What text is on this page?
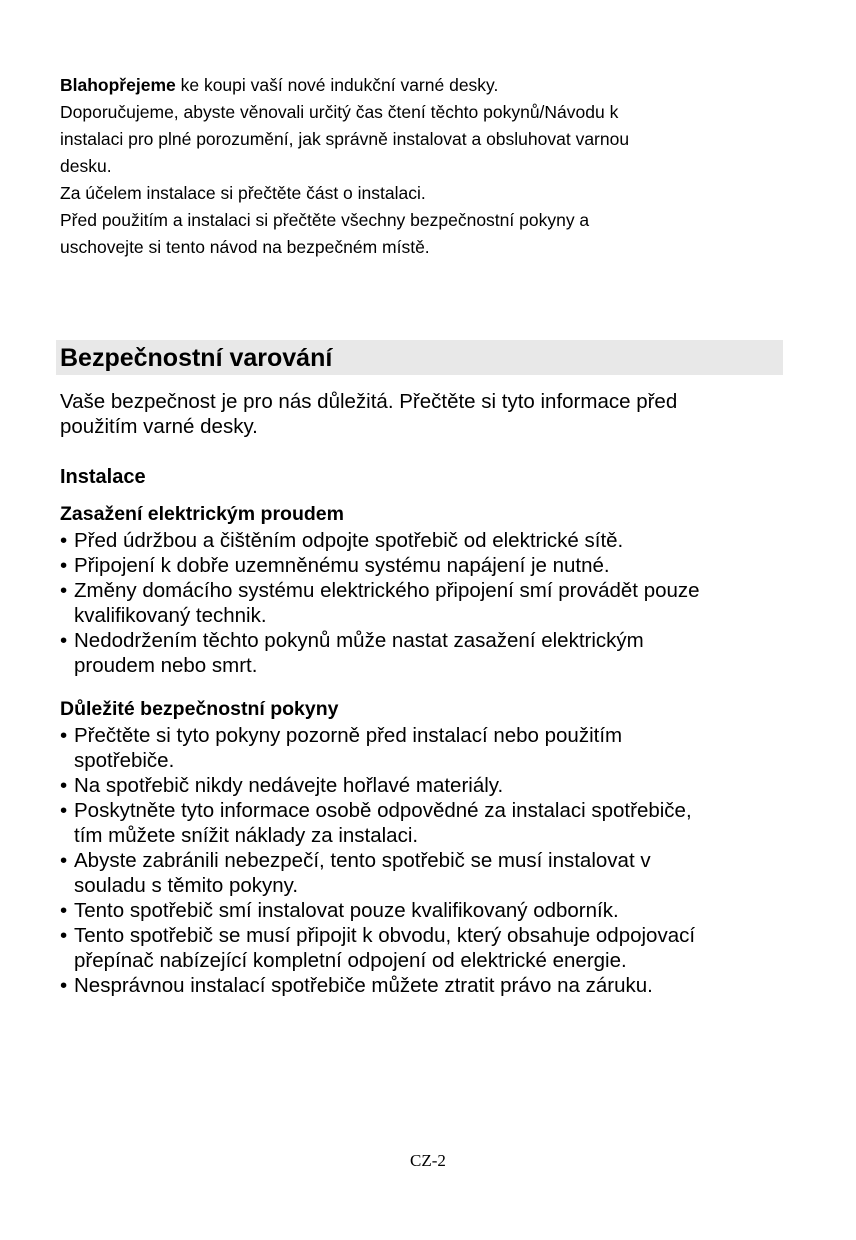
Blahopřejeme ke koupi vaší nové indukční varné desky.

Doporučujeme, abyste věnovali určitý čas čtení těchto pokynů/Návodu k

instalaci pro plné porozumění, jak správně instalovat a obsluhovat varnou

desku.

Za účelem instalace si přečtěte část o instalaci.

Před použitím a instalaci si přečtěte všechny bezpečnostní pokyny a

uschovejte si tento návod na bezpečném místě.

Bezpečnostní varování

Vaše bezpečnost je pro nás důležitá. Přečtěte si tyto informace před
použitím varné desky.

Instalace
Zasažení elektrickým proudem
• Před údržbou a čištěním odpojte spotřebič od elektrické sítě.
• Připojení k dobře uzemněnému systému napájení je nutné.
• Změny domácího systému elektrického připojení smí provádět pouze
kvalifikovaný technik.
• Nedodržením těchto pokynů může nastat zasažení elektrickým
proudem nebo smrt.
Důležité bezpečnostní pokyny
• Přečtěte si tyto pokyny pozorně před instalací nebo použitím
spotřebiče.
• Na spotřebič nikdy nedávejte hořlavé materiály.
• Poskytněte tyto informace osobě odpovědné za instalaci spotřebiče,
tím můžete snížit náklady za instalaci.
• Abyste zabránili nebezpečí, tento spotřebič se musí instalovat v
souladu s těmito pokyny.
• Tento spotřebič smí instalovat pouze kvalifikovaný odborník.
• Tento spotřebič se musí připojit k obvodu, který obsahuje odpojovací
přepínač nabízející kompletní odpojení od elektrické energie.
• Nesprávnou instalací spotřebiče můžete ztratit právo na záruku.
CZ-2
